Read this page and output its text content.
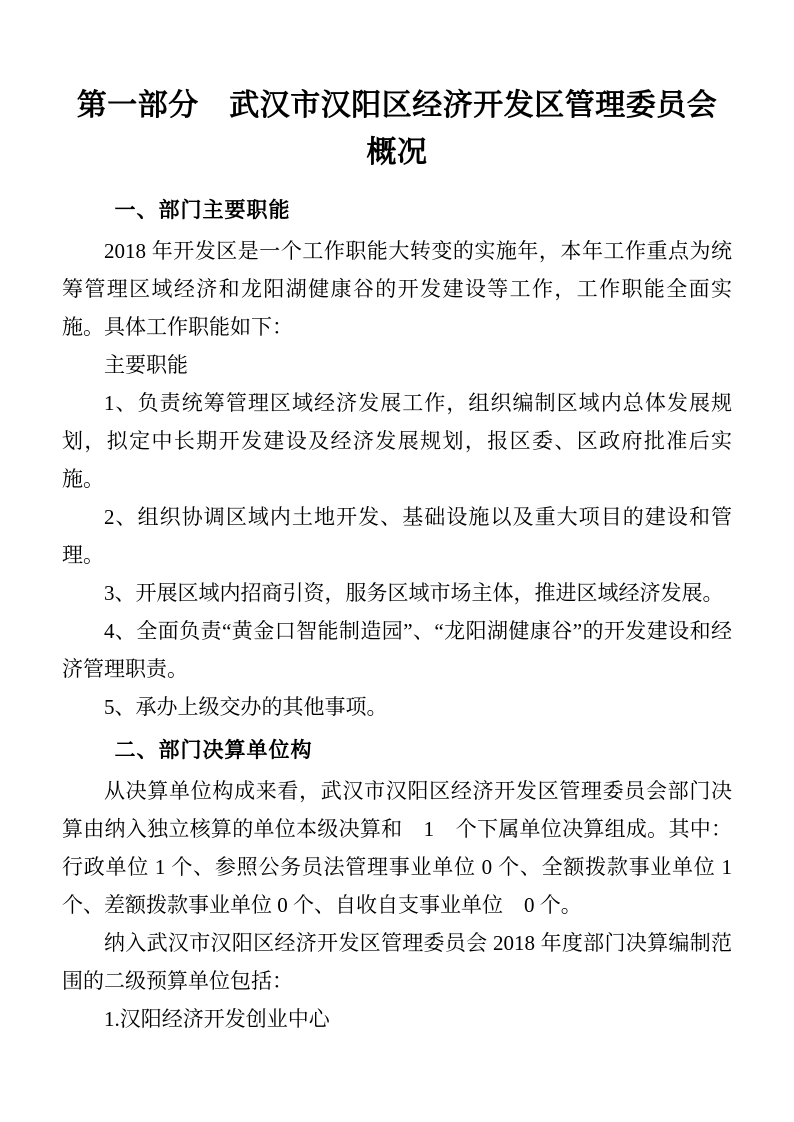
第一部分　武汉市汉阳区经济开发区管理委员会概况
一、部门主要职能

2018 年开发区是一个工作职能大转变的实施年，本年工作重点为统筹管理区域经济和龙阳湖健康谷的开发建设等工作，工作职能全面实施。具体工作职能如下：

主要职能

1、负责统筹管理区域经济发展工作，组织编制区域内总体发展规划，拟定中长期开发建设及经济发展规划，报区委、区政府批准后实施。

2、组织协调区域内土地开发、基础设施以及重大项目的建设和管理。

3、开展区域内招商引资，服务区域市场主体，推进区域经济发展。

4、全面负责“黄金口智能制造园”、“龙阳湖健康谷”的开发建设和经济管理职责。

5、承办上级交办的其他事项。

二、部门决算单位构

从决算单位构成来看，武汉市汉阳区经济开发区管理委员会部门决算由纳入独立核算的单位本级决算和　1　个下属单位决算组成。其中：行政单位 1 个、参照公务员法管理事业单位 0 个、全额拨款事业单位 1 个、差额拨款事业单位 0 个、自收自支事业单位　0 个。

纳入武汉市汉阳区经济开发区管理委员会 2018 年度部门决算编制范围的二级预算单位包括：

1.汉阳经济开发创业中心
